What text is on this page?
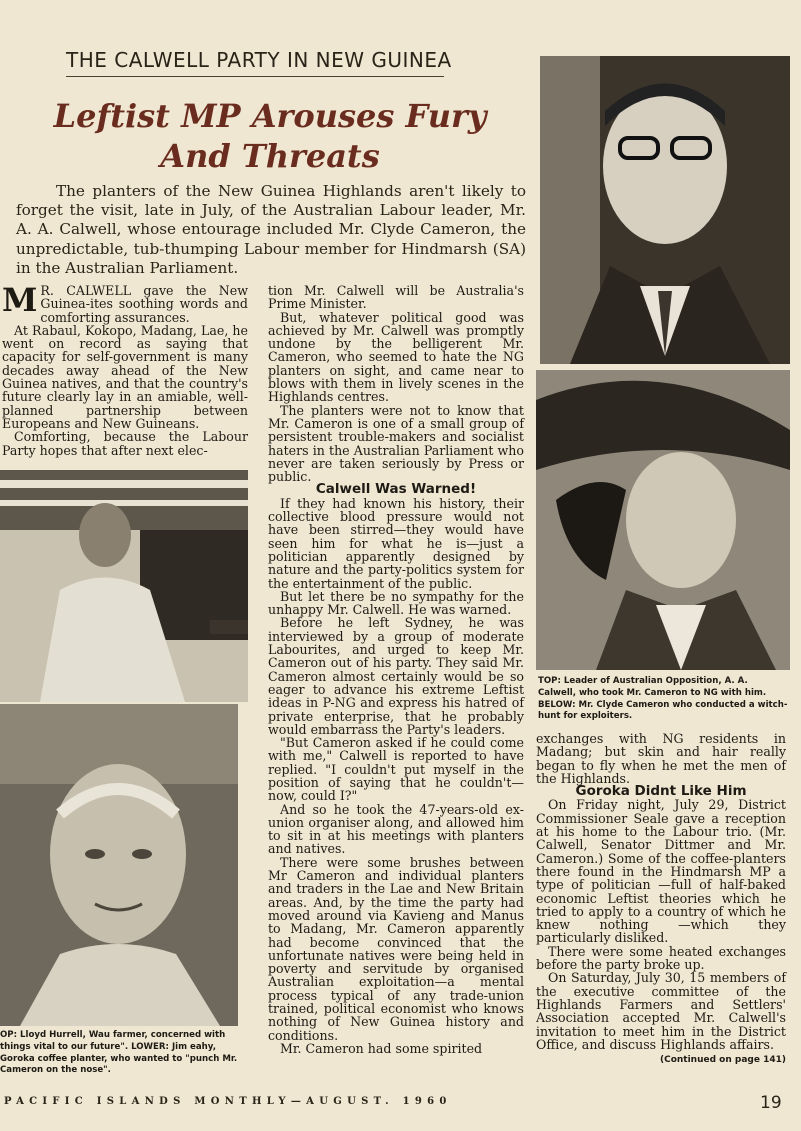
THE CALWELL PARTY IN NEW GUINEA
Leftist MP Arouses Fury
And Threats

The planters of the New Guinea Highlands aren't likely to forget the visit, late in July, of the Australian Labour leader, Mr. A. A. Calwell, whose entourage included Mr. Clyde Cameron, the unpredictable, tub-thumping Labour member for Hindmarsh (SA) in the Australian Parliament.

M R. CALWELL gave the New Guinea-ites soothing words and comforting assurances.

At Rabaul, Kokopo, Madang, Lae, he went on record as saying that capacity for self-government is many decades away ahead of the New Guinea natives, and that the country's future clearly lay in an amiable, well-planned partnership between Europeans and New Guineans.

Comforting, because the Labour Party hopes that after next elec-

OP: Lloyd Hurrell, Wau farmer, concerned with things vital to our future". LOWER: Jim eahy, Goroka coffee planter, who wanted to "punch Mr. Cameron on the nose".

tion Mr. Calwell will be Australia's Prime Minister.

But, whatever political good was achieved by Mr. Calwell was promptly undone by the belligerent Mr. Cameron, who seemed to hate the NG planters on sight, and came near to blows with them in lively scenes in the Highlands centres.

The planters were not to know that Mr. Cameron is one of a small group of persistent trouble-makers and socialist haters in the Australian Parliament who never are taken seriously by Press or public.

Calwell Was Warned!

If they had known his history, their collective blood pressure would not have been stirred—they would have seen him for what he is—just a politician apparently designed by nature and the party-politics system for the entertainment of the public.

But let there be no sympathy for the unhappy Mr. Calwell. He was warned.

Before he left Sydney, he was interviewed by a group of moderate Labourites, and urged to keep Mr. Cameron out of his party. They said Mr. Cameron almost certainly would be so eager to advance his extreme Leftist ideas in P-NG and express his hatred of private enterprise, that he probably would embarrass the Party's leaders.

"But Cameron asked if he could come with me," Calwell is reported to have replied. "I couldn't put myself in the position of saying that he couldn't—now, could I?"

And so he took the 47-years-old ex-union organiser along, and allowed him to sit in at his meetings with planters and natives.

There were some brushes between Mr Cameron and individual planters and traders in the Lae and New Britain areas. And, by the time the party had moved around via Kavieng and Manus to Madang, Mr. Cameron apparently had become convinced that the unfortunate natives were being held in poverty and servitude by organised Australian exploitation—a mental process typical of any trade-union trained, political economist who knows nothing of New Guinea history and conditions.

Mr. Cameron had some spirited

TOP: Leader of Australian Opposition, A. A. Calwell, who took Mr. Cameron to NG with him. BELOW: Mr. Clyde Cameron who conducted a witch-hunt for exploiters.

exchanges with NG residents in Madang; but skin and hair really began to fly when he met the men of the Highlands.

Goroka Didnt Like Him

On Friday night, July 29, District Commissioner Seale gave a reception at his home to the Labour trio. (Mr. Calwell, Senator Dittmer and Mr. Cameron.) Some of the coffee-planters there found in the Hindmarsh MP a type of politician —full of half-baked economic Leftist theories which he tried to apply to a country of which he knew nothing —which they particularly disliked.

There were some heated exchanges before the party broke up.

On Saturday, July 30, 15 members of the executive committee of the Highlands Farmers and Settlers' Association accepted Mr. Calwell's invitation to meet him in the District Office, and discuss Highlands affairs.

(Continued on page 141)
PACIFIC ISLANDS MONTHLY—AUGUST. 1960	19
